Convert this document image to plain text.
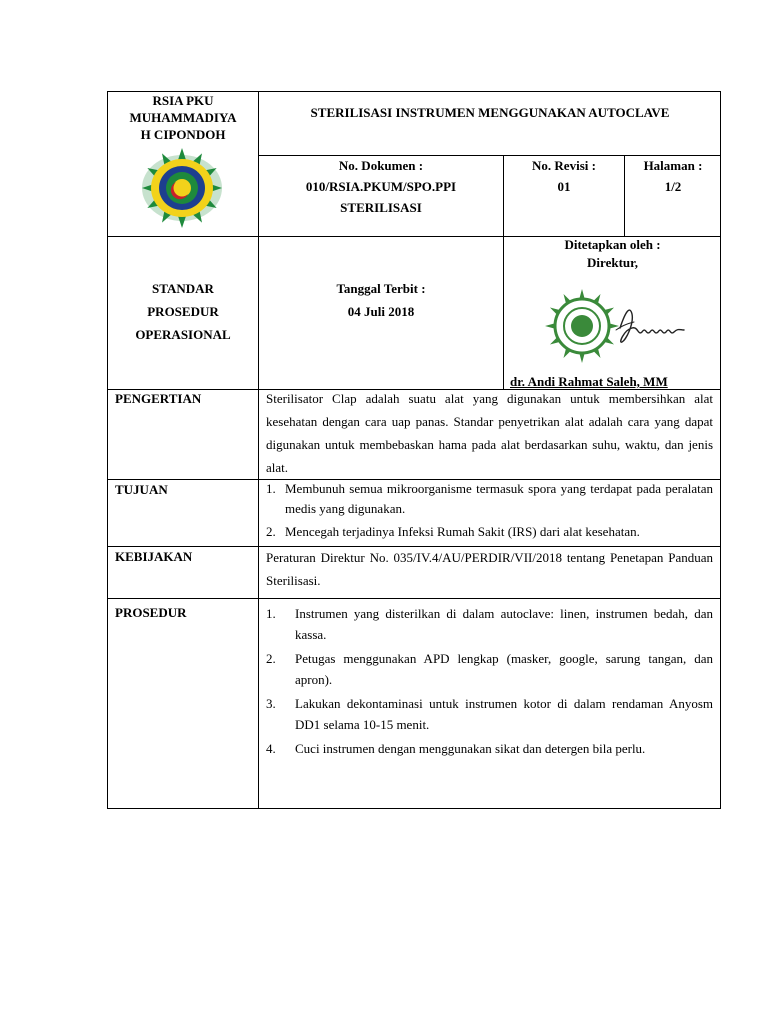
RSIA PKU
MUHAMMADIYA
H CIPONDOH
STERILISASI INSTRUMEN MENGGUNAKAN AUTOCLAVE
No. Dokumen :
010/RSIA.PKUM/SPO.PPI
STERILISASI
No. Revisi :
01
Halaman :
1/2
STANDAR
PROSEDUR
OPERASIONAL
Tanggal Terbit :
04 Juli 2018
Ditetapkan oleh :
Direktur,
dr. Andi Rahmat Saleh, MM
PENGERTIAN	Sterilisator Clap adalah suatu alat yang digunakan untuk membersihkan alat kesehatan dengan cara uap panas. Standar penyetrikan alat adalah cara yang dapat digunakan untuk membebaskan hama pada alat berdasarkan suhu, waktu, dan jenis alat.
TUJUAN	1. Membunuh semua mikroorganisme termasuk spora yang terdapat pada peralatan medis yang digunakan.
2. Mencegah terjadinya Infeksi Rumah Sakit (IRS) dari alat kesehatan.
KEBIJAKAN	Peraturan Direktur No. 035/IV.4/AU/PERDIR/VII/2018 tentang Penetapan Panduan Sterilisasi.
PROSEDUR	1. Instrumen yang disterilkan di dalam autoclave: linen, instrumen bedah, dan kassa.
2. Petugas menggunakan APD lengkap (masker, google, sarung tangan, dan apron).
3. Lakukan dekontaminasi untuk instrumen kotor di dalam rendaman Anyosm DD1 selama 10-15 menit.
4. Cuci instrumen dengan menggunakan sikat dan detergen bila perlu.
